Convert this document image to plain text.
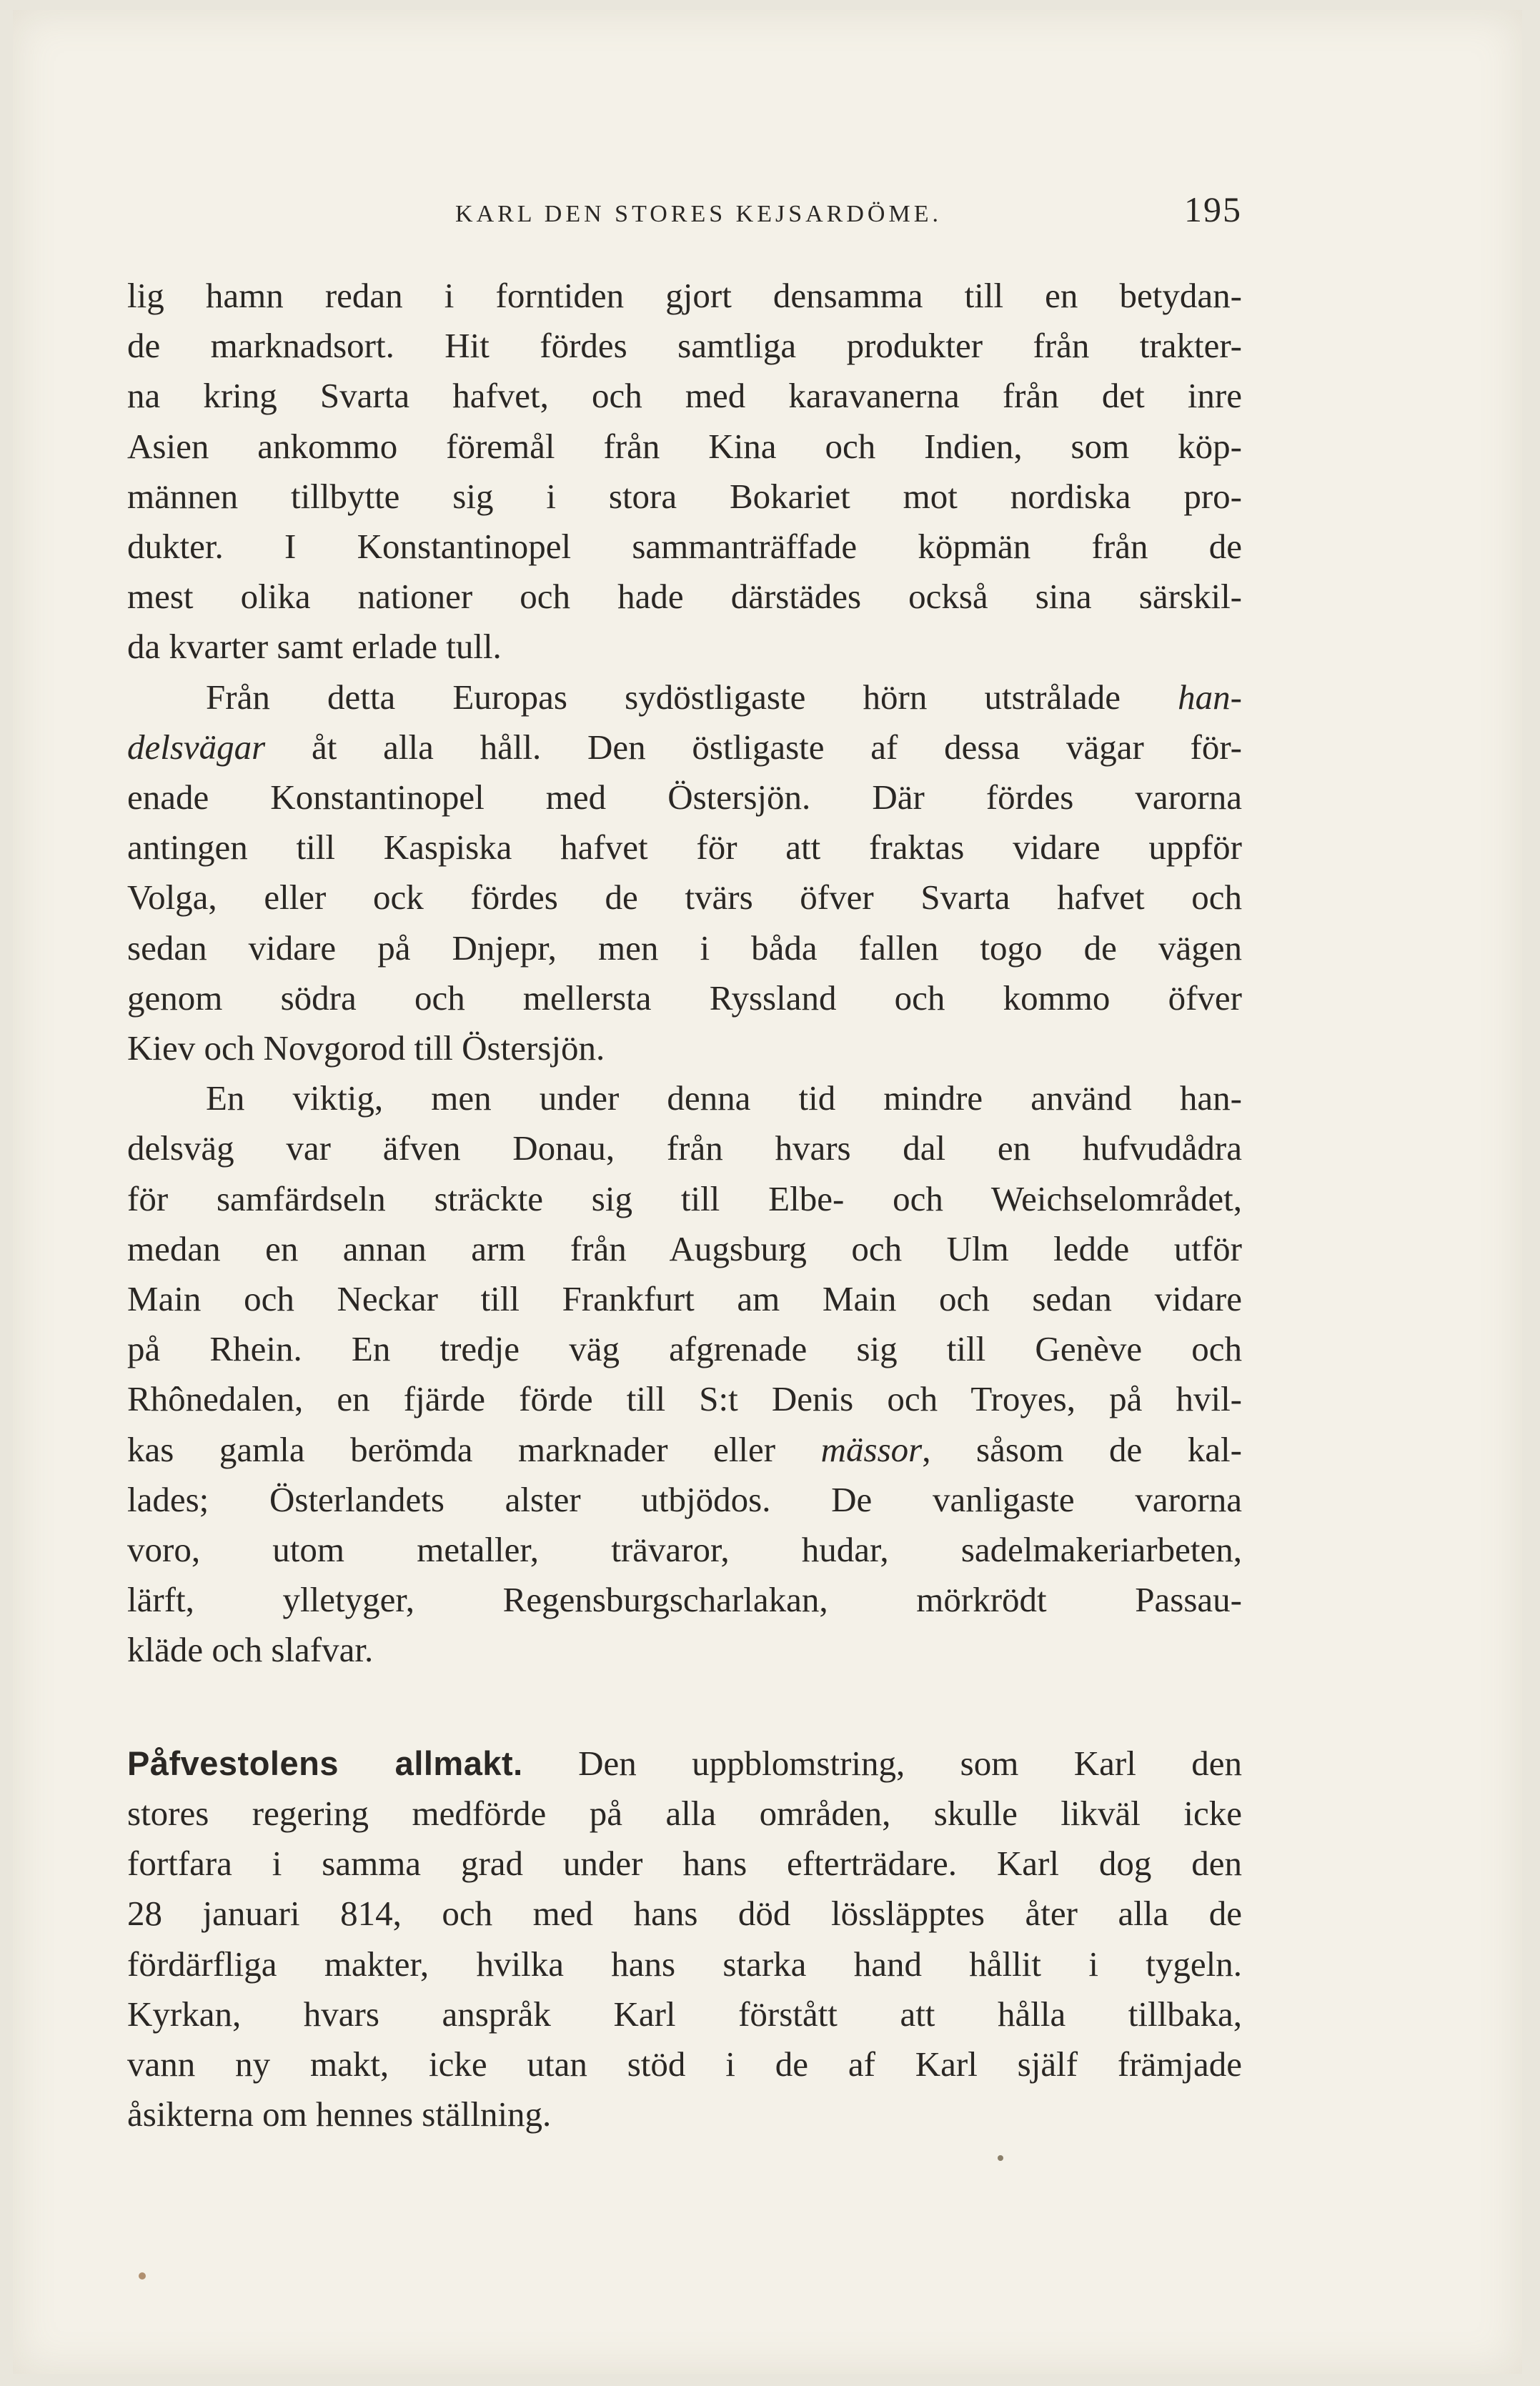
KARL DEN STORES KEJSARDÖME.	195
lig hamn redan i forntiden gjort densamma till en betydan-
de marknadsort. Hit fördes samtliga produkter från trakter-
na kring Svarta hafvet, och med karavanerna från det inre
Asien ankommo föremål från Kina och Indien, som köp-
männen tillbytte sig i stora Bokariet mot nordiska pro-
dukter. I Konstantinopel sammanträffade köpmän från de
mest olika nationer och hade därstädes också sina särskil-
da kvarter samt erlade tull.
Från detta Europas sydöstligaste hörn utstrålade han-
delsvägar åt alla håll. Den östligaste af dessa vägar för-
enade Konstantinopel med Östersjön. Där fördes varorna
antingen till Kaspiska hafvet för att fraktas vidare uppför
Volga, eller ock fördes de tvärs öfver Svarta hafvet och
sedan vidare på Dnjepr, men i båda fallen togo de vägen
genom södra och mellersta Ryssland och kommo öfver
Kiev och Novgorod till Östersjön.
En viktig, men under denna tid mindre använd han-
delsväg var äfven Donau, från hvars dal en hufvudådra
för samfärdseln sträckte sig till Elbe- och Weichselområdet,
medan en annan arm från Augsburg och Ulm ledde utför
Main och Neckar till Frankfurt am Main och sedan vidare
på Rhein. En tredje väg afgrenade sig till Genève och
Rhônedalen, en fjärde förde till S:t Denis och Troyes, på hvil-
kas gamla berömda marknader eller mässor, såsom de kal-
lades; Österlandets alster utbjödos. De vanligaste varorna
voro, utom metaller, trävaror, hudar, sadelmakeriarbeten,
lärft, ylletyger, Regensburgscharlakan, mörkrödt Passau-
kläde och slafvar.
Påfvestolens allmakt. Den uppblomstring, som Karl den
stores regering medförde på alla områden, skulle likväl icke
fortfara i samma grad under hans efterträdare. Karl dog den
28 januari 814, och med hans död lössläpptes åter alla de
fördärfliga makter, hvilka hans starka hand hållit i tygeln.
Kyrkan, hvars anspråk Karl förstått att hålla tillbaka,
vann ny makt, icke utan stöd i de af Karl själf främjade
åsikterna om hennes ställning.
